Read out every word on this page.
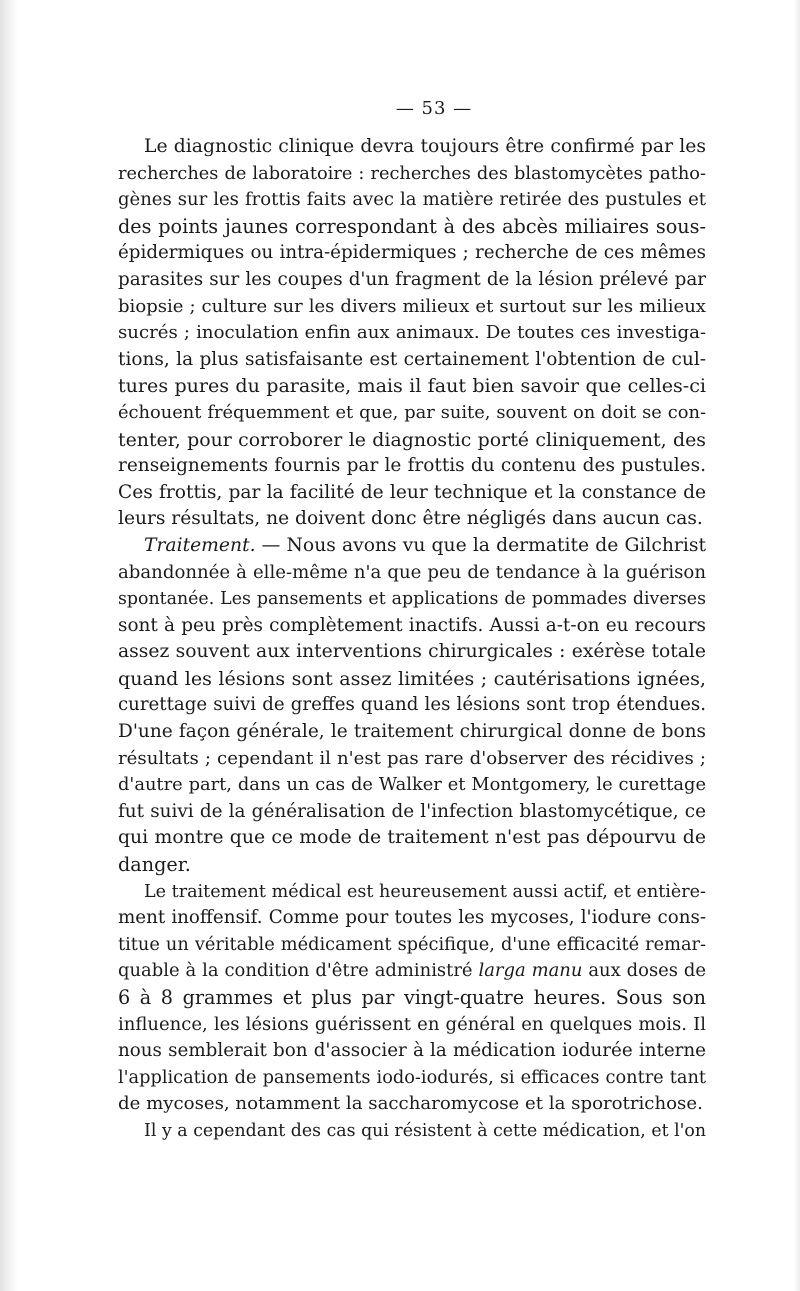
— 53 —

Le diagnostic clinique devra toujours être confirmé par les
recherches de laboratoire : recherches des blastomycètes patho-
gènes sur les frottis faits avec la matière retirée des pustules et
des points jaunes correspondant à des abcès miliaires sous-
épidermiques ou intra-épidermiques ; recherche de ces mêmes
parasites sur les coupes d'un fragment de la lésion prélevé par
biopsie ; culture sur les divers milieux et surtout sur les milieux
sucrés ; inoculation enfin aux animaux. De toutes ces investiga-
tions, la plus satisfaisante est certainement l'obtention de cul-
tures pures du parasite, mais il faut bien savoir que celles-ci
échouent fréquemment et que, par suite, souvent on doit se con-
tenter, pour corroborer le diagnostic porté cliniquement, des
renseignements fournis par le frottis du contenu des pustules.
Ces frottis, par la facilité de leur technique et la constance de
leurs résultats, ne doivent donc être négligés dans aucun cas.

Traitement. — Nous avons vu que la dermatite de Gilchrist
abandonnée à elle-même n'a que peu de tendance à la guérison
spontanée. Les pansements et applications de pommades diverses
sont à peu près complètement inactifs. Aussi a-t-on eu recours
assez souvent aux interventions chirurgicales : exérèse totale
quand les lésions sont assez limitées ; cautérisations ignées,
curettage suivi de greffes quand les lésions sont trop étendues.
D'une façon générale, le traitement chirurgical donne de bons
résultats ; cependant il n'est pas rare d'observer des récidives ;
d'autre part, dans un cas de Walker et Montgomery, le curettage
fut suivi de la généralisation de l'infection blastomycétique, ce
qui montre que ce mode de traitement n'est pas dépourvu de
danger.

Le traitement médical est heureusement aussi actif, et entière-
ment inoffensif. Comme pour toutes les mycoses, l'iodure cons-
titue un véritable médicament spécifique, d'une efficacité remar-
quable à la condition d'être administré larga manu aux doses de
6 à 8 grammes et plus par vingt-quatre heures. Sous son
influence, les lésions guérissent en général en quelques mois. Il
nous semblerait bon d'associer à la médication iodurée interne
l'application de pansements iodo-iodurés, si efficaces contre tant
de mycoses, notamment la saccharomycose et la sporotrichose.

Il y a cependant des cas qui résistent à cette médication, et l'on
